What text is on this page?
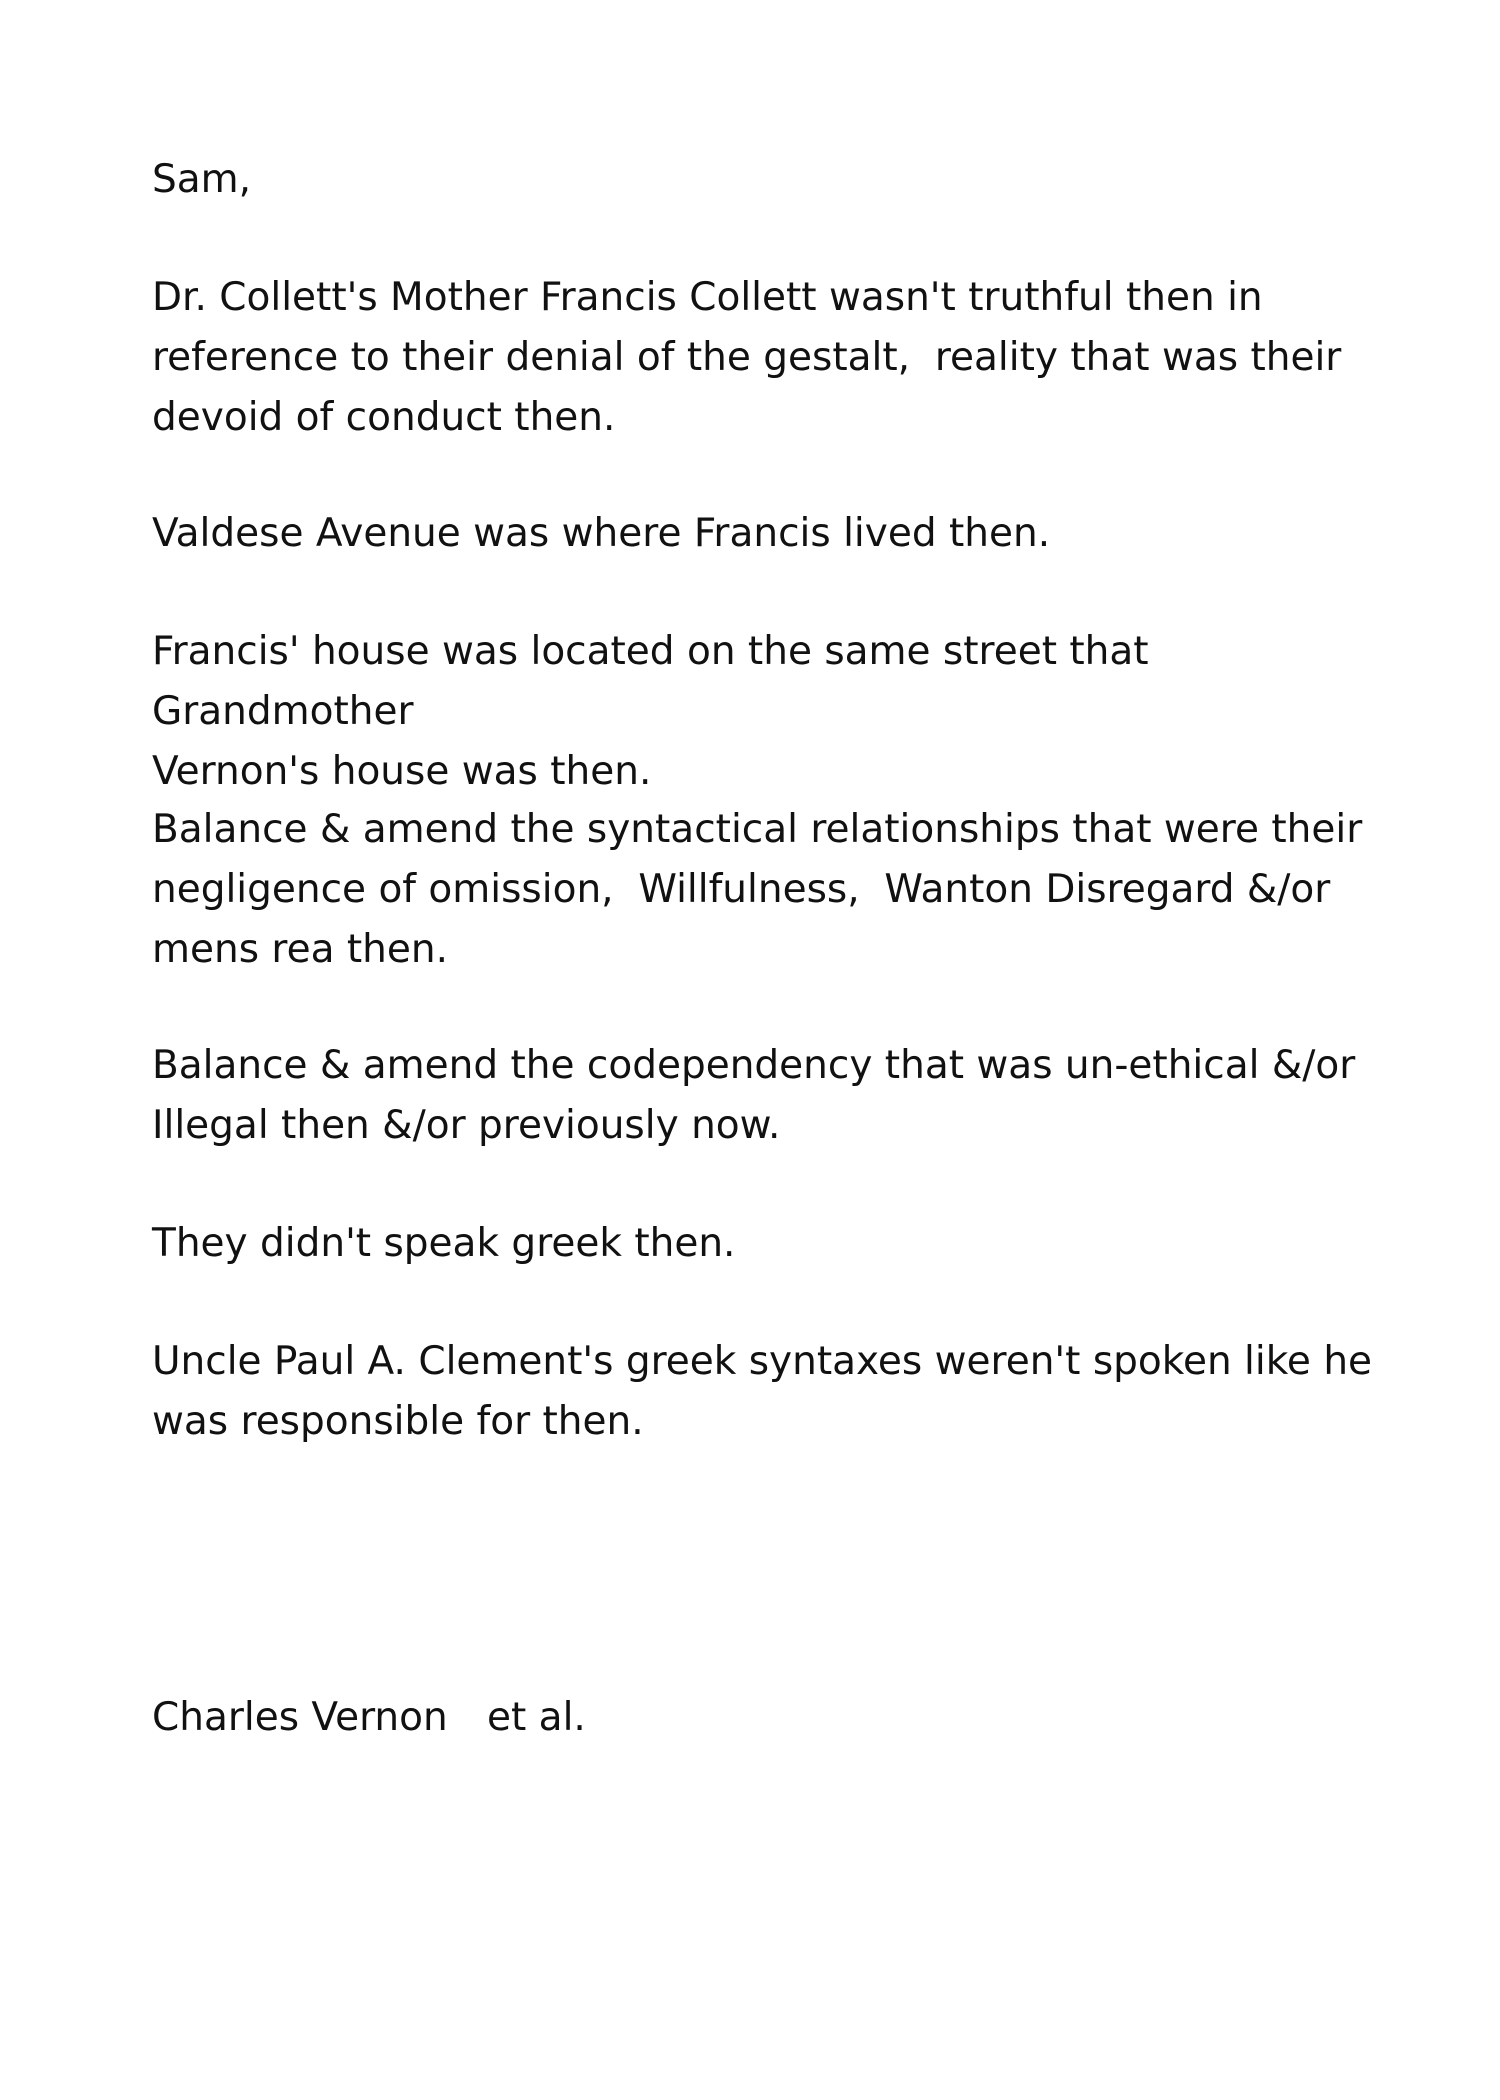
Sam,

Dr. Collett's Mother Francis Collett wasn't truthful then in
reference to their denial of the gestalt,  reality that was their
devoid of conduct then.

Valdese Avenue was where Francis lived then.

Francis' house was located on the same street that Grandmother
Vernon's house was then.

Balance & amend the syntactical relationships that were their
negligence of omission,  Willfulness,  Wanton Disregard &/or
mens rea then.

Balance & amend the codependency that was un-ethical &/or
Illegal then &/or previously now.

They didn't speak greek then.

Uncle Paul A. Clement's greek syntaxes weren't spoken like he
was responsible for then.

Charles Vernon et al.
